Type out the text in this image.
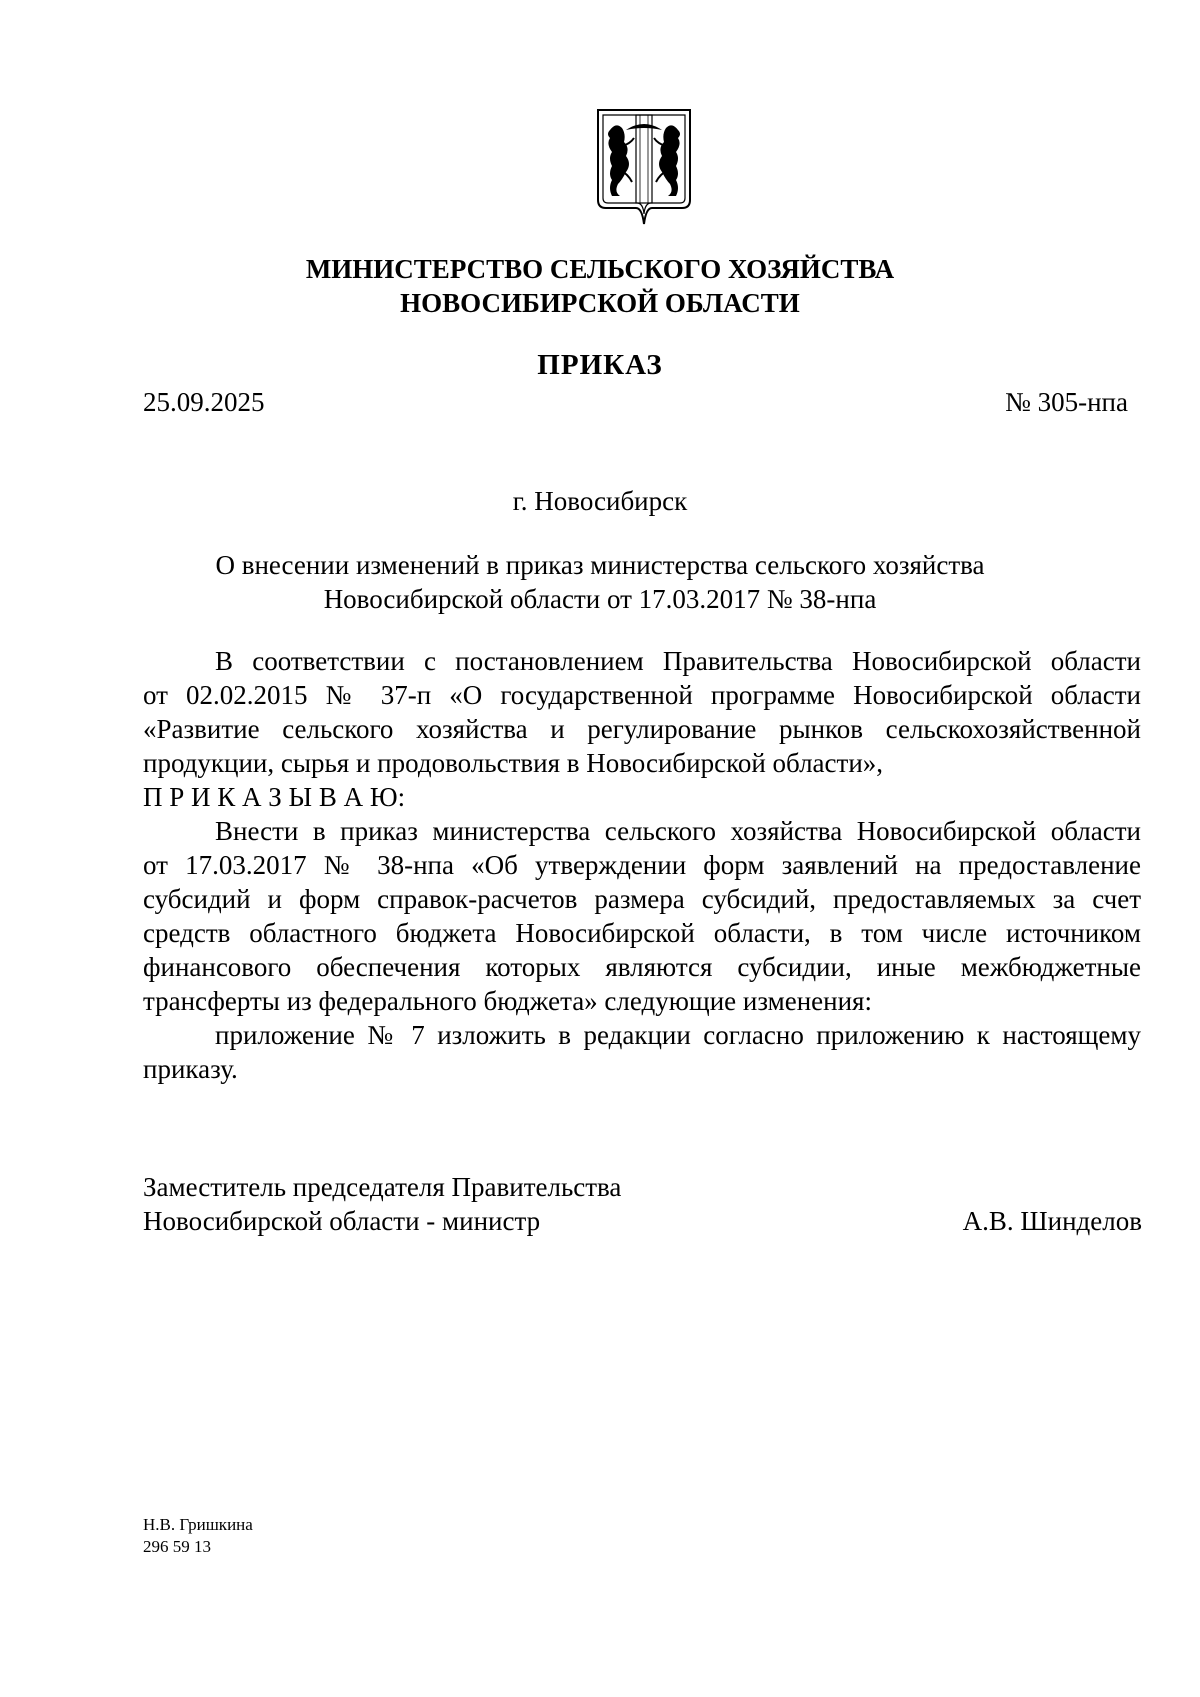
МИНИСТЕРСТВО СЕЛЬСКОГО ХОЗЯЙСТВА
НОВОСИБИРСКОЙ ОБЛАСТИ
ПРИКАЗ
25.09.2025	№ 305-нпа
г. Новосибирск
О внесении изменений в приказ министерства сельского хозяйства
Новосибирской области от 17.03.2017 № 38-нпа
В соответствии с постановлением Правительства Новосибирской области
от 02.02.2015 № 37-п «О государственной программе Новосибирской области
«Развитие сельского хозяйства и регулирование рынков сельскохозяйственной
продукции, сырья и продовольствия в Новосибирской области»,
П Р И К А З Ы В А Ю:
Внести в приказ министерства сельского хозяйства Новосибирской области
от 17.03.2017 № 38-нпа «Об утверждении форм заявлений на предоставление
субсидий и форм справок-расчетов размера субсидий, предоставляемых за счет
средств областного бюджета Новосибирской области, в том числе источником
финансового обеспечения которых являются субсидии, иные межбюджетные
трансферты из федерального бюджета» следующие изменения:
приложение № 7 изложить в редакции согласно приложению к настоящему
приказу.
Заместитель председателя Правительства
Новосибирской области - министр	А.В. Шинделов
Н.В. Гришкина
296 59 13
